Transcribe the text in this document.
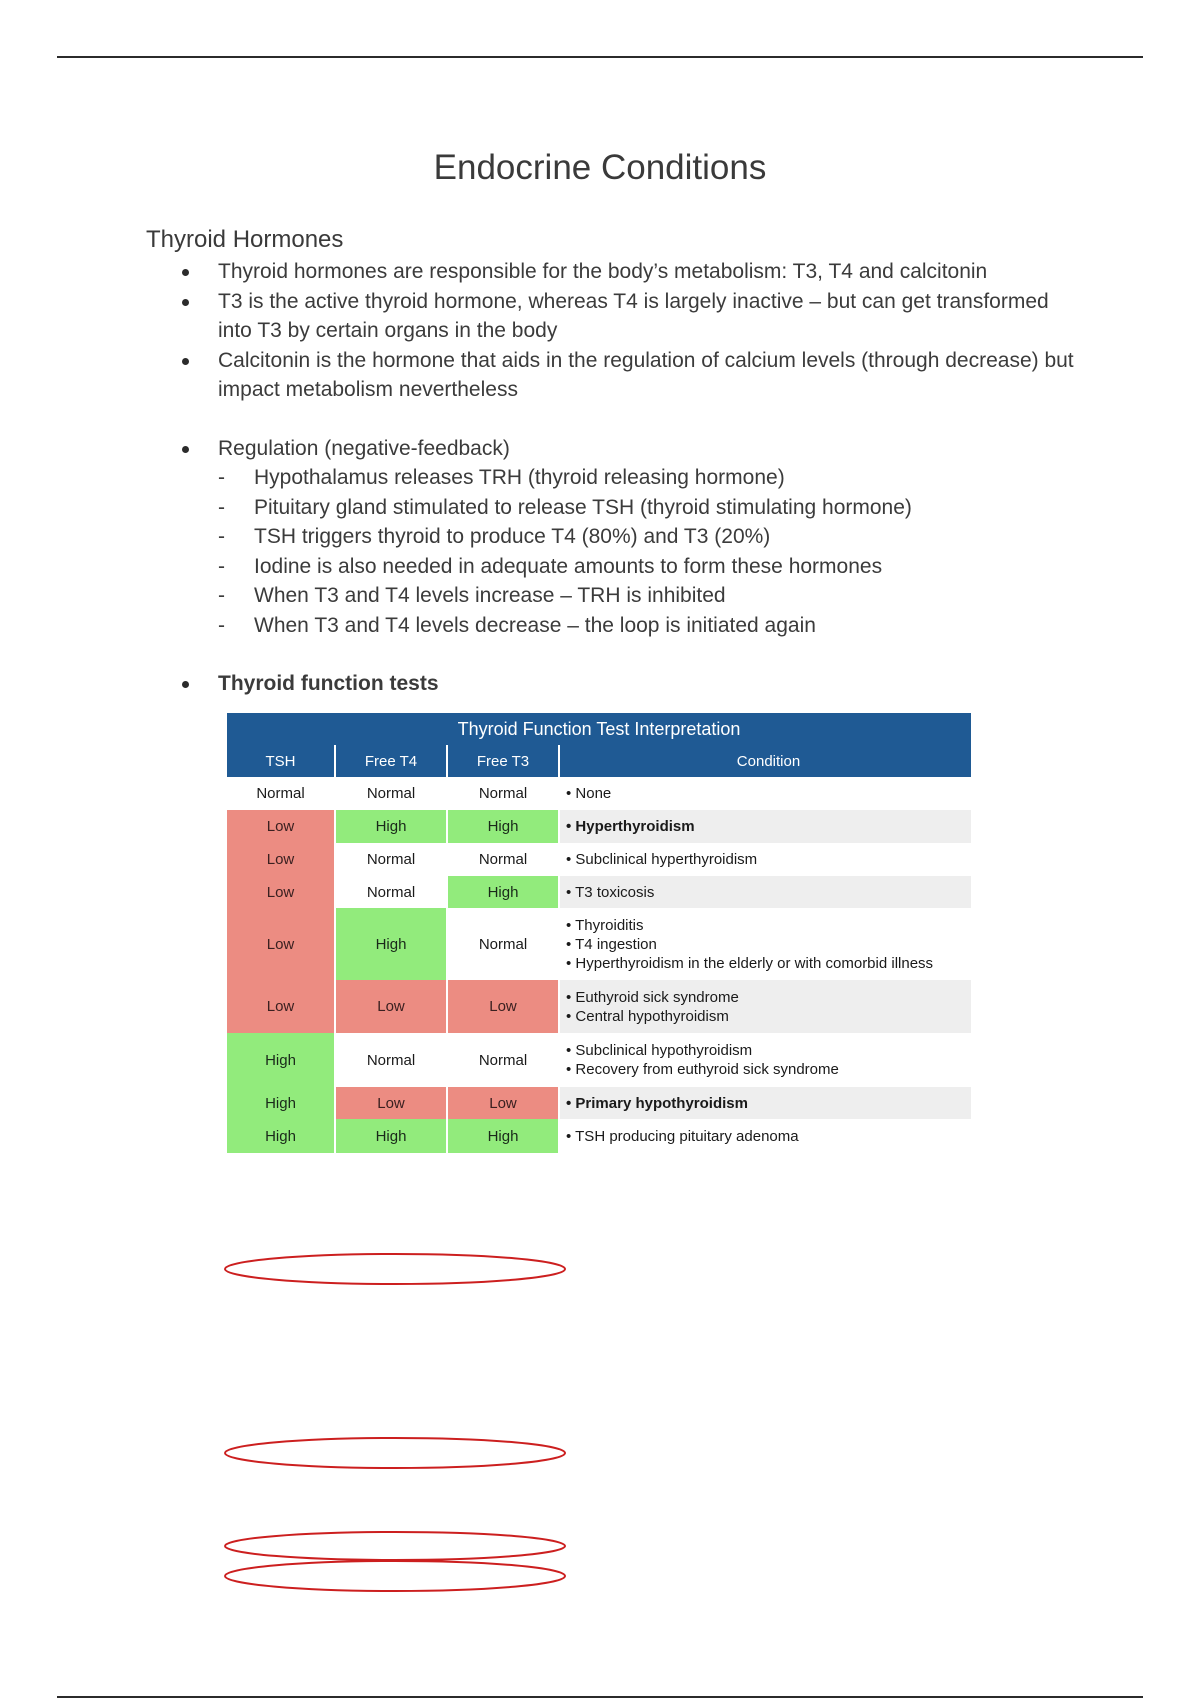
Endocrine Conditions
Thyroid Hormones
Thyroid hormones are responsible for the body’s metabolism: T3, T4 and calcitonin
T3 is the active thyroid hormone, whereas T4 is largely inactive – but can get transformed into T3 by certain organs in the body
Calcitonin is the hormone that aids in the regulation of calcium levels (through decrease) but impact metabolism nevertheless
Regulation (negative-feedback)
- Hypothalamus releases TRH (thyroid releasing hormone)
- Pituitary gland stimulated to release TSH (thyroid stimulating hormone)
- TSH triggers thyroid to produce T4 (80%) and T3 (20%)
- Iodine is also needed in adequate amounts to form these hormones
- When T3 and T4 levels increase – TRH is inhibited
- When T3 and T4 levels decrease – the loop is initiated again
Thyroid function tests
Thyroid Function Test Interpretation
TSH	Free T4	Free T3	Condition
Normal	Normal	Normal	• None
Low	High	High	• Hyperthyroidism
Low	Normal	Normal	• Subclinical hyperthyroidism
Low	Normal	High	• T3 toxicosis
Low	High	Normal
• Thyroiditis
• T4 ingestion
• Hyperthyroidism in the elderly or with comorbid illness
Low	Low	Low
• Euthyroid sick syndrome
• Central hypothyroidism
High	Normal	Normal
• Subclinical hypothyroidism
• Recovery from euthyroid sick syndrome
High	Low	Low	• Primary hypothyroidism
High	High	High	• TSH producing pituitary adenoma
